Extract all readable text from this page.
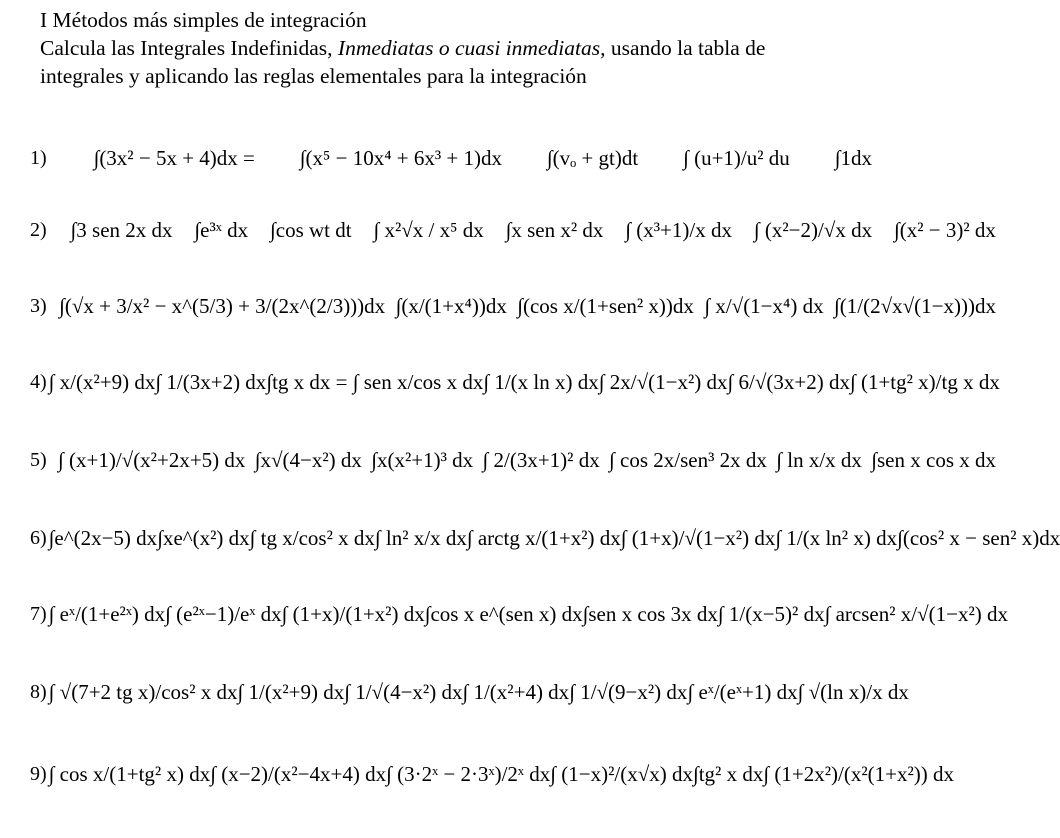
I Métodos más simples de integración
Calcula las Integrales Indefinidas, Inmediatas o cuasi inmediatas, usando la tabla de
integrales y aplicando las reglas elementales para la integración
1) ∫(3x² − 5x + 4)dx = ∫(x⁵ − 10x⁴ + 6x³ + 1)dx ∫(vₒ + gt)dt ∫ (u+1)/u² du ∫1dx
2) ∫3 sen 2x dx ∫e³ˣ dx ∫cos wt dt ∫ x²√x / x⁵ dx ∫x sen x² dx ∫ (x³+1)/x dx ∫ (x²−2)/√x dx ∫(x² − 3)² dx
3) ∫(√x + 3/x² − x^(5/3) + 3/(2x^(2/3)))dx ∫(x/(1+x⁴))dx ∫(cos x/(1+sen² x))dx ∫ x/√(1−x⁴) dx ∫(1/(2√x√(1−x)))dx
4) ∫ x/(x²+9) dx ∫ 1/(3x+2) dx ∫tg x dx = ∫ sen x/cos x dx ∫ 1/(x ln x) dx ∫ 2x/√(1−x²) dx ∫ 6/√(3x+2) dx ∫ (1+tg² x)/tg x dx
5) ∫ (x+1)/√(x²+2x+5) dx ∫x√(4−x²) dx ∫x(x²+1)³ dx ∫ 2/(3x+1)² dx ∫ cos 2x/sen³ 2x dx ∫ ln x/x dx ∫sen x cos x dx
6) ∫e^(2x−5) dx ∫xe^(x²) dx ∫ tg x/cos² x dx ∫ ln² x/x dx ∫ arctg x/(1+x²) dx ∫ (1+x)/√(1−x²) dx ∫ 1/(x ln² x) dx ∫(cos² x − sen² x)dx
7) ∫ eˣ/(1+e²ˣ) dx ∫ (e²ˣ−1)/eˣ dx ∫ (1+x)/(1+x²) dx ∫cos x e^(sen x) dx ∫sen x cos 3x dx ∫ 1/(x−5)² dx ∫ arcsen² x/√(1−x²) dx
8) ∫ √(7+2 tg x)/cos² x dx ∫ 1/(x²+9) dx ∫ 1/√(4−x²) dx ∫ 1/(x²+4) dx ∫ 1/√(9−x²) dx ∫ eˣ/(eˣ+1) dx ∫ √(ln x)/x dx
9) ∫ cos x/(1+tg² x) dx ∫ (x−2)/(x²−4x+4) dx ∫ (3·2ˣ − 2·3ˣ)/2ˣ dx ∫ (1−x)²/(x√x) dx ∫tg² x dx ∫ (1+2x²)/(x²(1+x²)) dx
